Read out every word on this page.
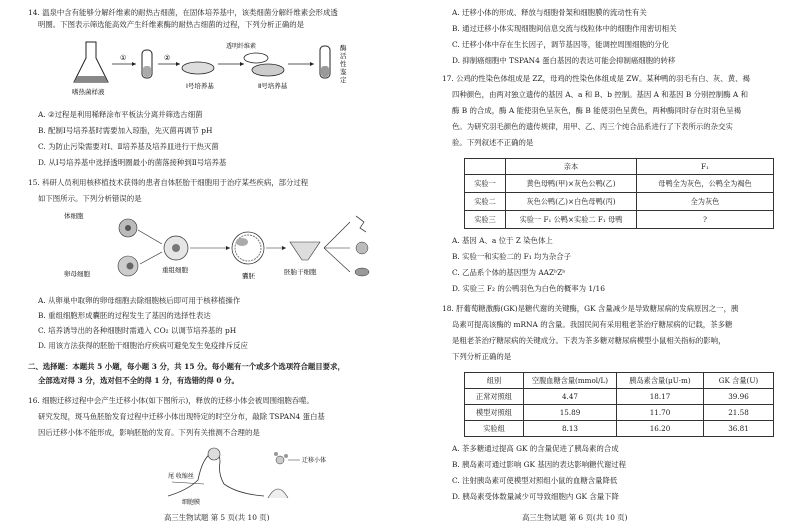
14. 温泉中含有能够分解纤维素的耐热古细菌，在固体培养基中，该类细菌分解纤维素会形成透
明圈。下图表示筛选能高效产生纤维素酶的耐热古细菌的过程，下列分析正确的是
嗜热菌样液
①	②
Ⅰ号培养基
透明纤维素
Ⅱ号培养基
酶活性鉴定
A. ②过程是利用稀释涂布平板法分离并筛选古细菌
B. 配制Ⅰ号培养基时需要加入琼脂，先灭菌再调节 pH
C. 为防止污染需要对Ⅰ、Ⅱ培养基及培养皿进行干热灭菌
D. 从Ⅰ号培养基中选择透明圈最小的菌落接种到Ⅱ号培养基
15. 科研人员利用核移植技术获得的患者自体胚胎干细胞用于治疗某些疾病，部分过程
如下图所示。下列分析错误的是
体细胞
卵母细胞	重组细胞
囊胚	胚胎干细胞
A. 从卵巢中取卵的卵母细胞去除细胞核后即可用于核移植操作
B. 重组细胞形成囊胚的过程发生了基因的选择性表达
C. 培养诱导出的各种细胞时需通入 CO₂ 以调节培养基的 pH
D. 用该方法获得的胚胎干细胞治疗疾病可避免发生免疫排斥反应
二、选择题：本题共 5 小题，每小题 3 分，共 15 分。每小题有一个或多个选项符合题目要求，
全部选对得 3 分，选对但不全的得 1 分，有选错的得 0 分。
16. 细胞迁移过程中会产生迁移小体(如下图所示)，释放的迁移小体会被周围细胞吞噬。
研究发现，斑马鱼胚胎发育过程中迁移小体出现特定的时空分布，敲除 TSPAN4 蛋白基
因后迁移小体不能形成，影响胚胎的发育。下列有关推测不合理的是
尾 收缩丝
细胞膜
迁移小体
高三生物试题 第 5 页(共 10 页)
A. 迁移小体的形成、释放与细胞骨架和细胞膜的流动性有关
B. 通过迁移小体实现细胞间信息交流与线粒体中的细胞作用密切相关
C. 迁移小体中存在生长因子，调节基因等，能调控周围细胞的分化
D. 抑制癌细胞中 TSPAN4 蛋白基因的表达可能会抑制癌细胞的转移
17. 公鸡的性染色体组成是 ZZ，母鸡的性染色体组成是 ZW。某种鸭的羽毛有白、灰、黄、褐
四种颜色，由两对独立遗传的基因 A、a 和 B、b 控制。基因 A 和基因 B 分别控制酶 A 和
酶 B 的合成，酶 A 能使羽色呈灰色，酶 B 能使羽色呈黄色，两种酶同时存在时羽色呈褐
色。为研究羽毛颜色的遗传规律，用甲、乙、丙三个纯合品系进行了下表所示的杂交实
验。下列叙述不正确的是
	亲本	F₁
实验一	黄色母鸭(甲)×灰色公鸭(乙)	母鸭全为灰色，公鸭全为褐色
实验二	灰色公鸭(乙)×白色母鸭(丙)	全为灰色
实验三	实验一 F₁ 公鸭×实验二 F₁ 母鸭	?
A. 基因 A、a 位于 Z 染色体上
B. 实验一和实验二的 F₁ 均为杂合子
C. 乙品系个体的基因型为 AAZᵇZᵇ
D. 实验三 F₂ 的公鸭羽色为白色的概率为 1/16
18. 肝葡萄糖激酶(GK)是糖代谢的关键酶，GK 含量减少是导致糖尿病的发病原因之一，胰
岛素可提高该酶的 mRNA 的含量。我国民间有采用粗老茶治疗糖尿病的记载，茶多糖
是粗老茶治疗糖尿病的关键成分。下表为茶多糖对糖尿病模型小鼠相关指标的影响，
下列分析正确的是
组别	空腹血糖含量(mmol/L)	胰岛素含量(μU·m)	GK 含量(U)
正常对照组	4.47	18.17	39.96
模型对照组	15.89	11.70	21.58
实验组	8.13	16.20	36.81
A. 茶多糖通过提高 GK 的含量促进了胰岛素的合成
B. 胰岛素可通过影响 GK 基因的表达影响糖代谢过程
C. 注射胰岛素可使模型对照组小鼠的血糖含量降低
D. 胰岛素受体数量减少可导致细胞内 GK 含量下降
高三生物试题 第 6 页(共 10 页)
